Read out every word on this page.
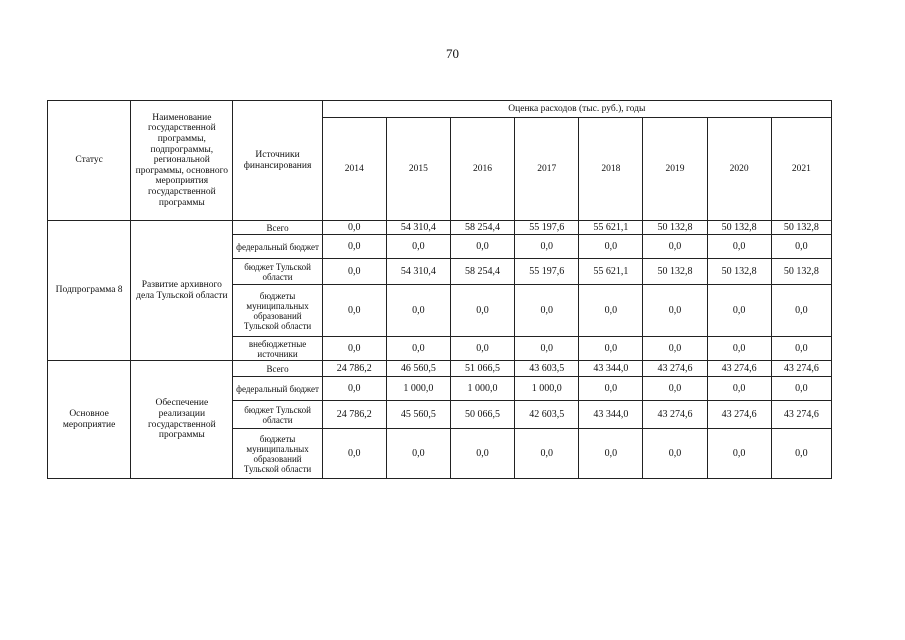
70
Статус	Наименование государственной программы, подпрограммы, региональной программы, основного мероприятия государственной программы	Источники финансирования	Оценка расходов (тыс. руб.), годы							
			2014	2015	2016	2017	2018	2019	2020	2021
Подпрограмма 8	Развитие архивного дела Тульской области	Всего	0,0	54 310,4	58 254,4	55 197,6	55 621,1	50 132,8	50 132,8	50 132,8
		федеральный бюджет	0,0	0,0	0,0	0,0	0,0	0,0	0,0	0,0
		бюджет Тульской области	0,0	54 310,4	58 254,4	55 197,6	55 621,1	50 132,8	50 132,8	50 132,8
		бюджеты муниципальных образований Тульской области	0,0	0,0	0,0	0,0	0,0	0,0	0,0	0,0
		внебюджетные источники	0,0	0,0	0,0	0,0	0,0	0,0	0,0	0,0
Основное мероприятие	Обеспечение реализации государственной программы	Всего	24 786,2	46 560,5	51 066,5	43 603,5	43 344,0	43 274,6	43 274,6	43 274,6
		федеральный бюджет	0,0	1 000,0	1 000,0	1 000,0	0,0	0,0	0,0	0,0
		бюджет Тульской области	24 786,2	45 560,5	50 066,5	42 603,5	43 344,0	43 274,6	43 274,6	43 274,6
		бюджеты муниципальных образований Тульской области	0,0	0,0	0,0	0,0	0,0	0,0	0,0	0,0
